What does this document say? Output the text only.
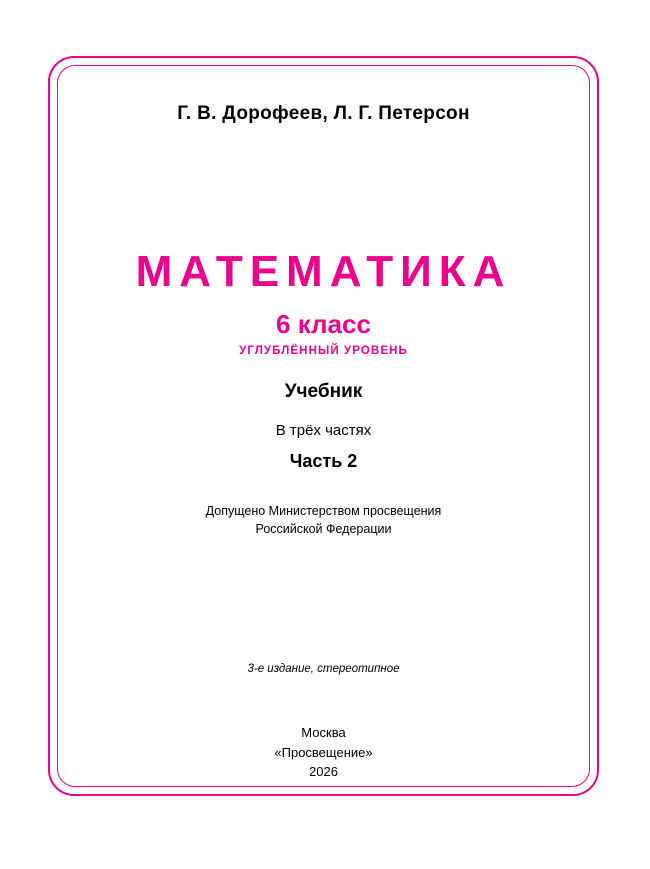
Г. В. Дорофеев, Л. Г. Петерсон
МАТЕМАТИКА
6 класс
УГЛУБЛЁННЫЙ УРОВЕНЬ
Учебник
В трёх частях
Часть 2
Допущено Министерством просвещения
Российской Федерации
3-е издание, стереотипное
Москва
«Просвещение»
2026
